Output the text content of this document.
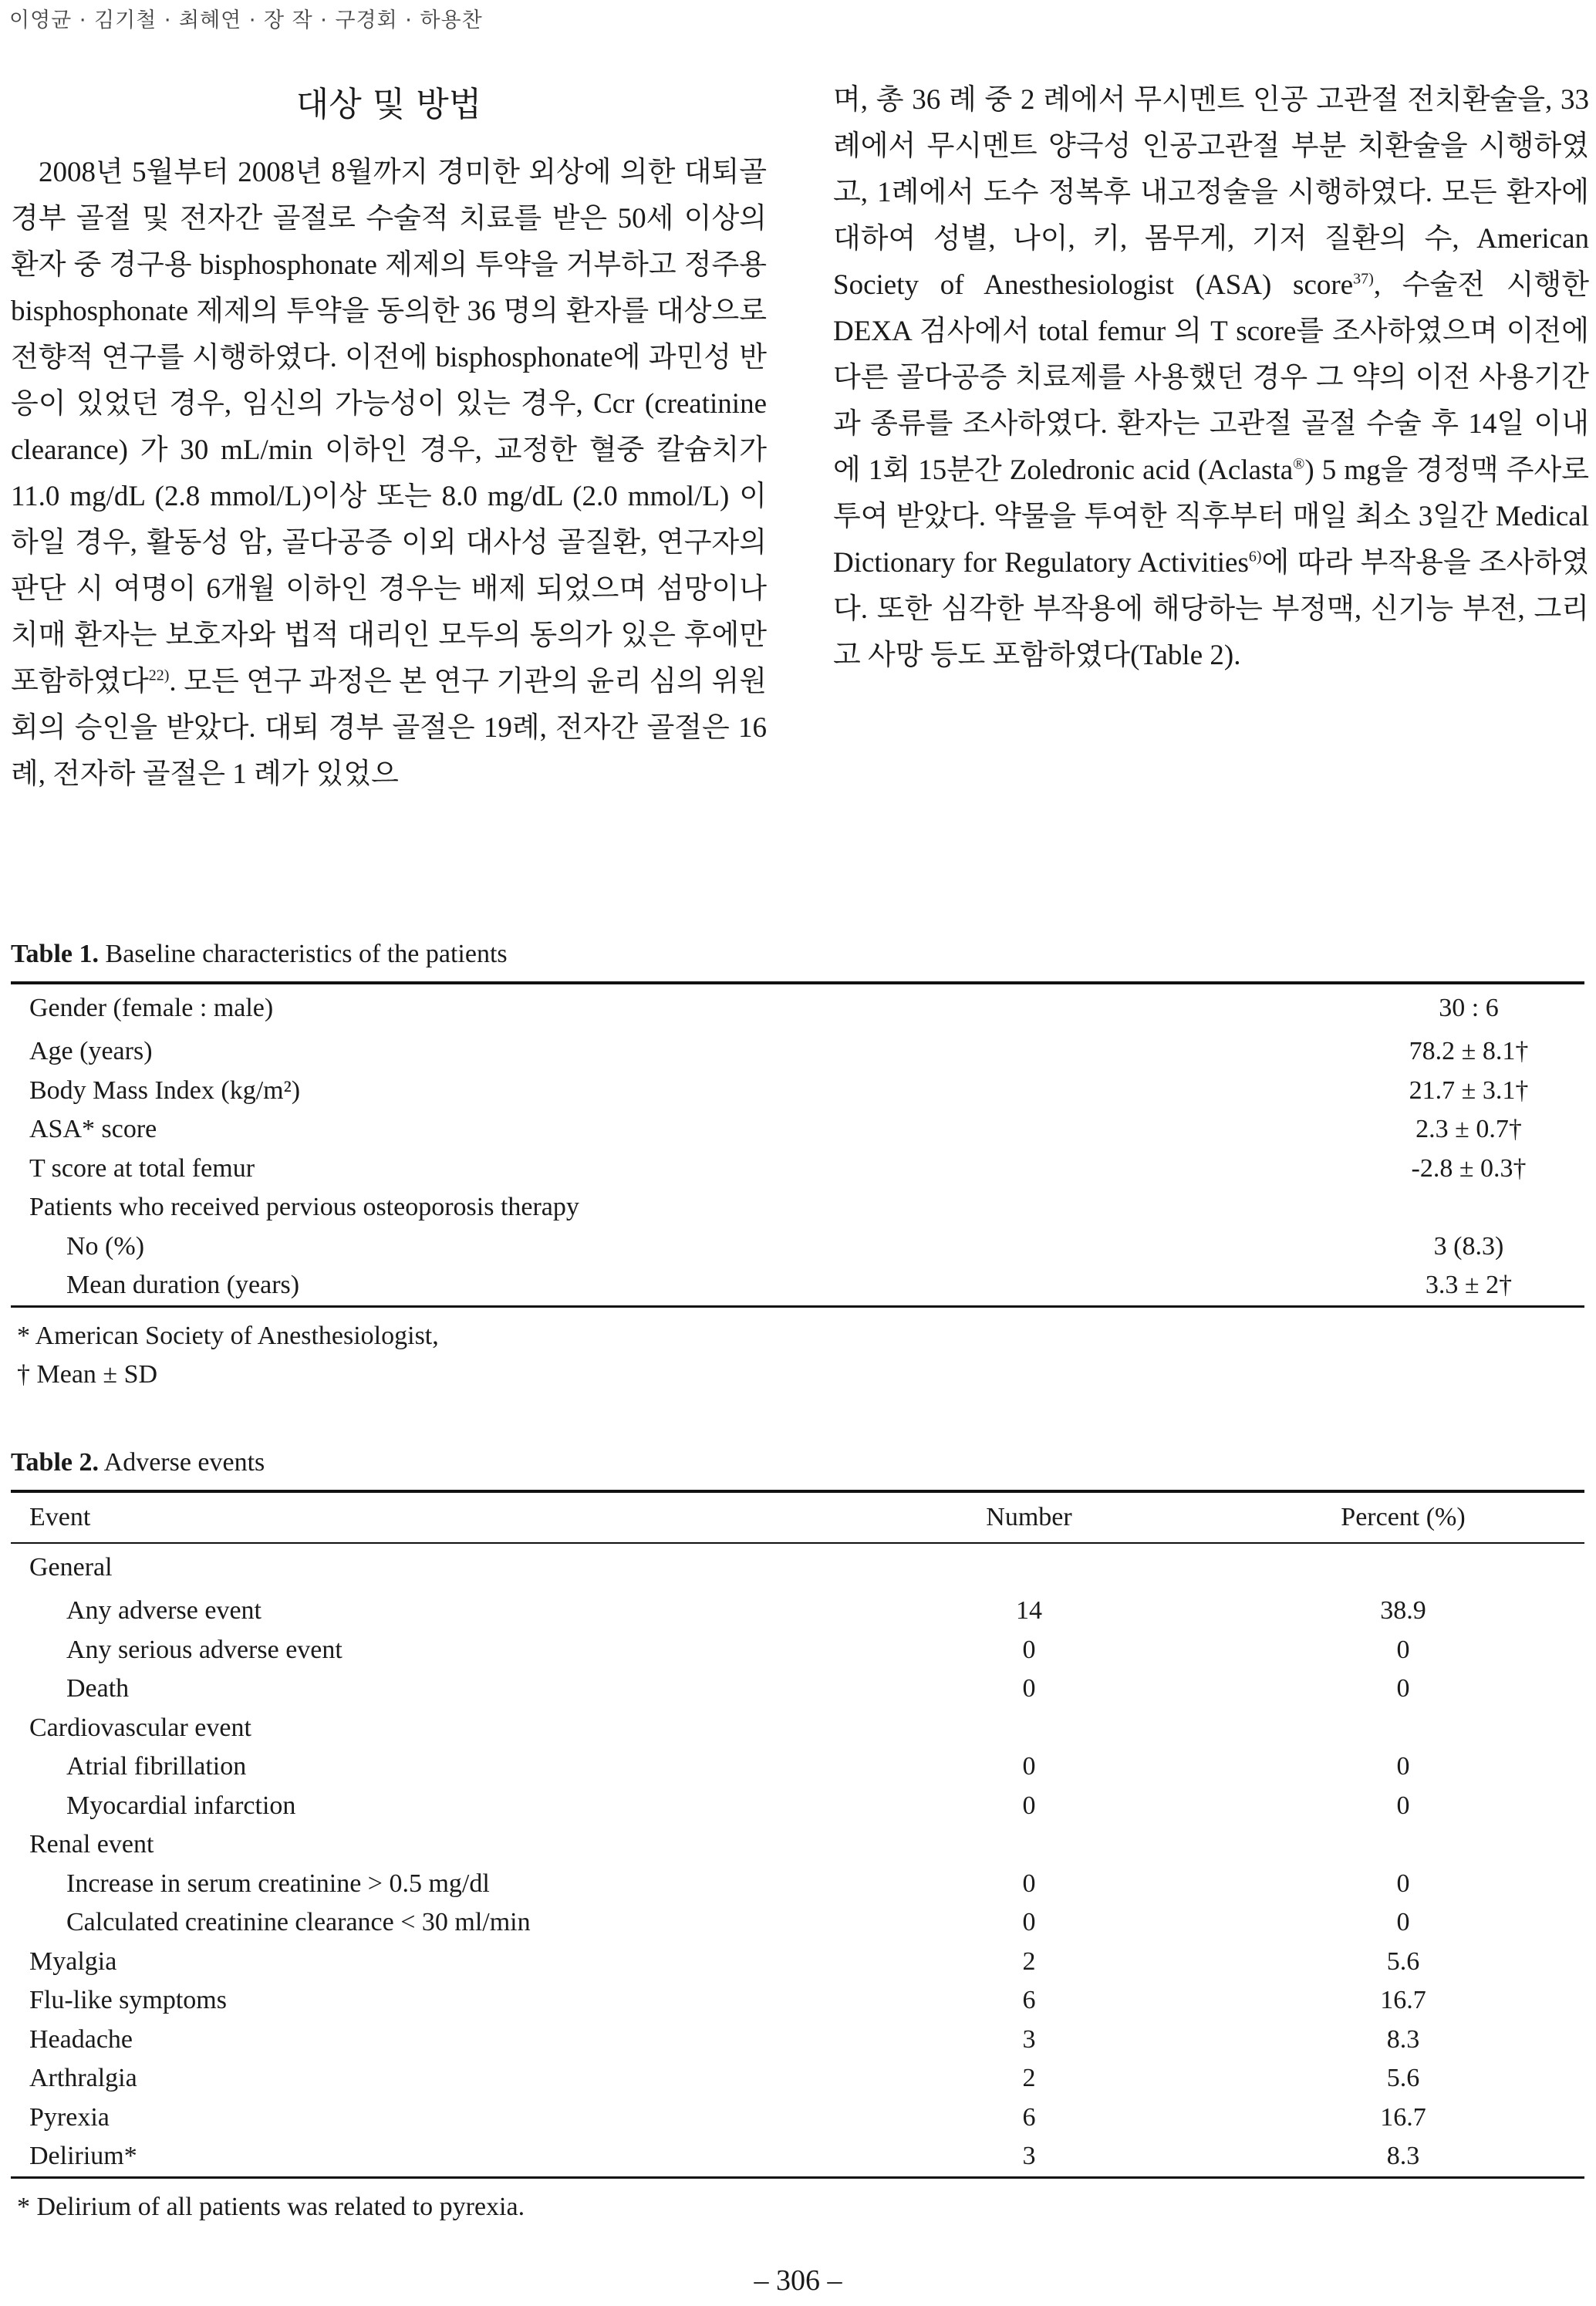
이영균 · 김기철 · 최혜연 · 장 작 · 구경회 · 하용찬
대상 및 방법

2008년 5월부터 2008년 8월까지 경미한 외상에 의한 대퇴골 경부 골절 및 전자간 골절로 수술적 치료를 받은 50세 이상의 환자 중 경구용 bisphosphonate 제제의 투약을 거부하고 정주용 bisphosphonate 제제의 투약을 동의한 36 명의 환자를 대상으로 전향적 연구를 시행하였다. 이전에 bisphosphonate에 과민성 반응이 있었던 경우, 임신의 가능성이 있는 경우, Ccr (creatinine clearance) 가 30 mL/min 이하인 경우, 교정한 혈중 칼슘치가 11.0 mg/dL (2.8 mmol/L)이상 또는 8.0 mg/dL (2.0 mmol/L) 이하일 경우, 활동성 암, 골다공증 이외 대사성 골질환, 연구자의 판단 시 여명이 6개월 이하인 경우는 배제 되었으며 섬망이나 치매 환자는 보호자와 법적 대리인 모두의 동의가 있은 후에만 포함하였다$^{22)}$. 모든 연구 과정은 본 연구 기관의 윤리 심의 위원회의 승인을 받았다. 대퇴 경부 골절은 19례, 전자간 골절은 16례, 전자하 골절은 1 례가 있었으

며, 총 36 례 중 2 례에서 무시멘트 인공 고관절 전치환술을, 33 례에서 무시멘트 양극성 인공고관절 부분 치환술을 시행하였고, 1례에서 도수 정복후 내고정술을 시행하였다. 모든 환자에 대하여 성별, 나이, 키, 몸무게, 기저 질환의 수, American Society of Anesthesiologist (ASA) score$^{37)}$, 수술전 시행한 DEXA 검사에서 total femur 의 T score를 조사하였으며 이전에 다른 골다공증 치료제를 사용했던 경우 그 약의 이전 사용기간과 종류를 조사하였다. 환자는 고관절 골절 수술 후 14일 이내에 1회 15분간 Zoledronic acid (Aclasta®) 5 mg을 경정맥 주사로 투여 받았다. 약물을 투여한 직후부터 매일 최소 3일간 Medical Dictionary for Regulatory Activities$^{6)}$에 따라 부작용을 조사하였다. 또한 심각한 부작용에 해당하는 부정맥, 신기능 부전, 그리고 사망 등도 포함하였다(Table 2).

Table 1. Baseline characteristics of the patients
Gender (female : male)	30 : 6
Age (years)	78.2 ± 8.1†
Body Mass Index (kg/m²)	21.7 ± 3.1†
ASA* score	2.3 ± 0.7†
T score at total femur	-2.8 ± 0.3†
Patients who received pervious osteoporosis therapy	
No (%)	3 (8.3)
Mean duration (years)	3.3 ± 2†
* American Society of Anesthesiologist,
† Mean ± SD
Table 2. Adverse events
Event	Number	Percent (%)
General		
Any adverse event	14	38.9
Any serious adverse event	0	0
Death	0	0
Cardiovascular event		
Atrial fibrillation	0	0
Myocardial infarction	0	0
Renal event		
Increase in serum creatinine > 0.5 mg/dl	0	0
Calculated creatinine clearance < 30 ml/min	0	0
Myalgia	2	5.6
Flu-like symptoms	6	16.7
Headache	3	8.3
Arthralgia	2	5.6
Pyrexia	6	16.7
Delirium*	3	8.3
* Delirium of all patients was related to pyrexia.
– 306 –
